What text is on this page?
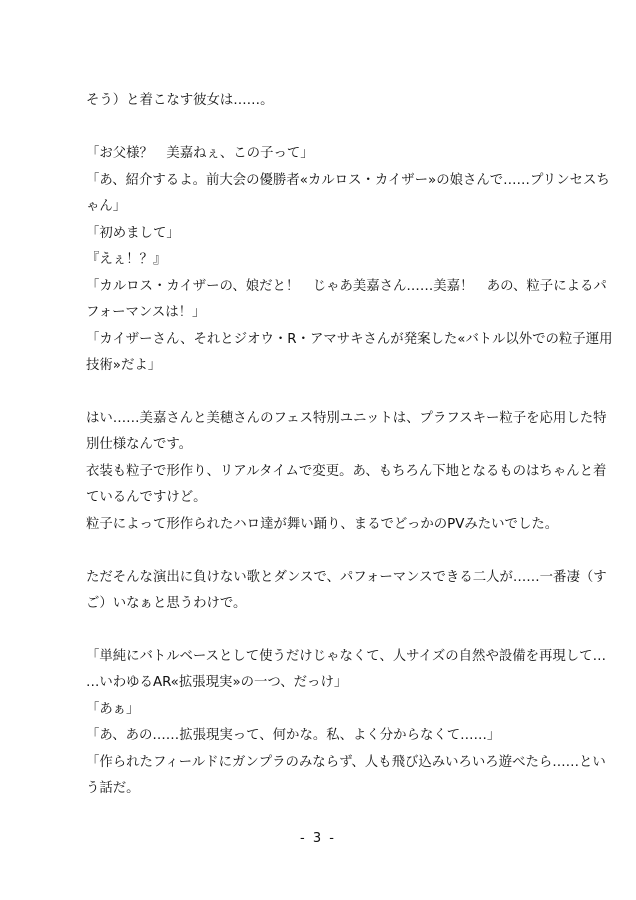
そう）と着こなす彼女は……。
「お父様？　美嘉ねぇ、この子って」
「あ、紹介するよ。前大会の優勝者«カルロス・カイザー»の娘さんで……プリンセスち
ゃん」
「初めまして」
『えぇ！？』
「カルロス・カイザーの、娘だと！　じゃあ美嘉さん……美嘉！　あの、粒子によるパ
フォーマンスは！」
「カイザーさん、それとジオウ・R・アマサキさんが発案した«バトル以外での粒子運用
技術»だよ」
はい……美嘉さんと美穂さんのフェス特別ユニットは、プラフスキー粒子を応用した特
別仕様なんです。
衣装も粒子で形作り、リアルタイムで変更。あ、もちろん下地となるものはちゃんと着
ているんですけど。
粒子によって形作られたハロ達が舞い踊り、まるでどっかのPVみたいでした。
ただそんな演出に負けない歌とダンスで、パフォーマンスできる二人が……一番凄（す
ご）いなぁと思うわけで。
「単純にバトルベースとして使うだけじゃなくて、人サイズの自然や設備を再現して…
…いわゆるAR«拡張現実»の一つ、だっけ」
「あぁ」
「あ、あの……拡張現実って、何かな。私、よく分からなくて……」
「作られたフィールドにガンプラのみならず、人も飛び込みいろいろ遊べたら……とい
う話だ。
- 3 -
